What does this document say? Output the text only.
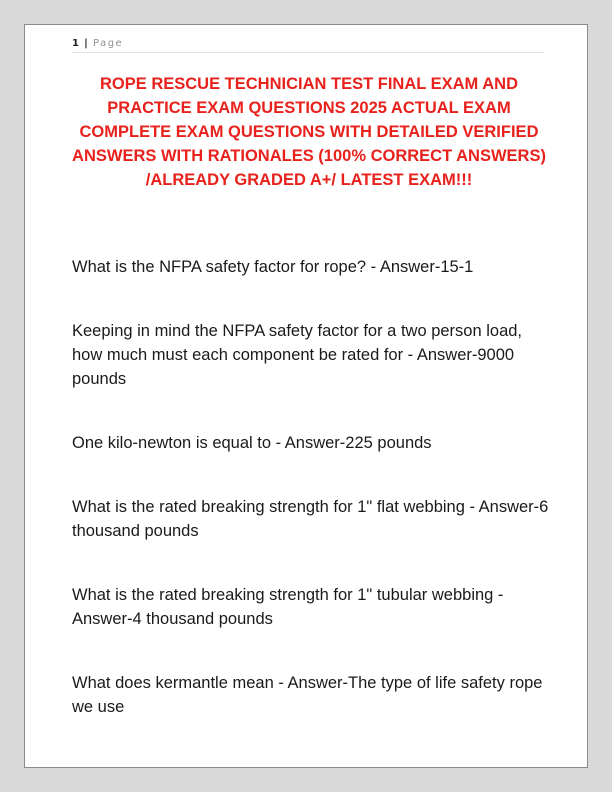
1 | Page

ROPE RESCUE TECHNICIAN TEST FINAL EXAM AND PRACTICE EXAM QUESTIONS 2025 ACTUAL EXAM COMPLETE EXAM QUESTIONS WITH DETAILED VERIFIED ANSWERS WITH RATIONALES (100% CORRECT ANSWERS) /ALREADY GRADED A+/ LATEST EXAM!!!

What is the NFPA safety factor for rope? - Answer-15-1

Keeping in mind the NFPA safety factor for a two person load, how much must each component be rated for - Answer-9000 pounds

One kilo-newton is equal to - Answer-225 pounds

What is the rated breaking strength for 1" flat webbing - Answer-6 thousand pounds

What is the rated breaking strength for 1" tubular webbing - Answer-4 thousand pounds

What does kermantle mean - Answer-The type of life safety rope we use
